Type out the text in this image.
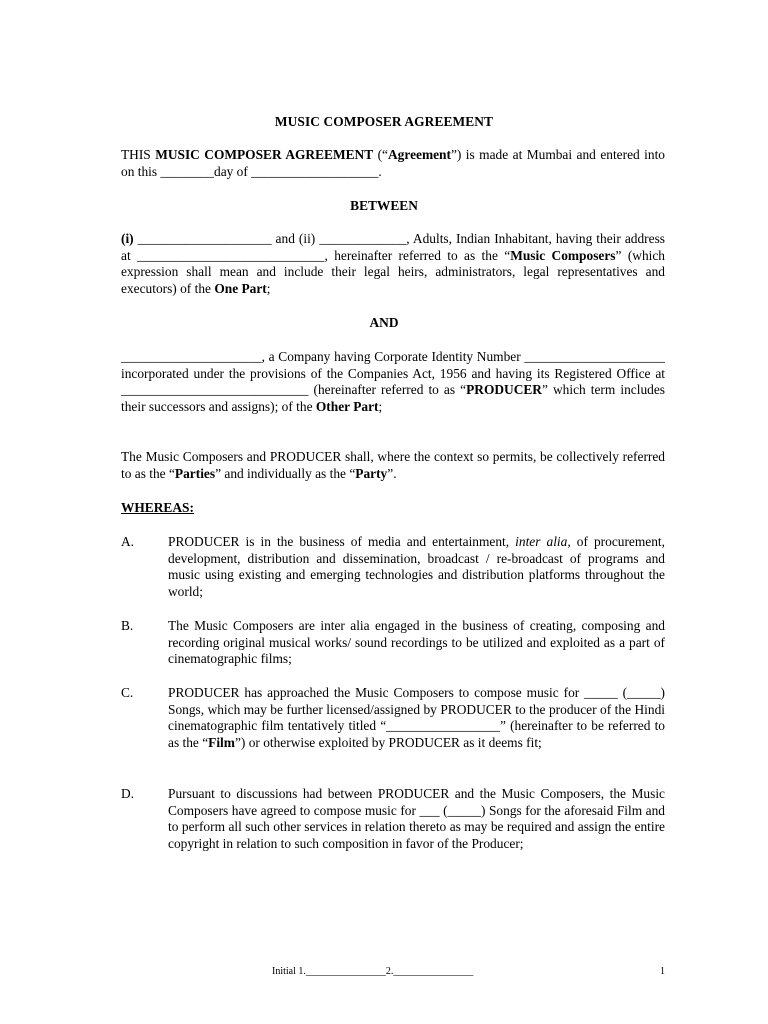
MUSIC COMPOSER AGREEMENT
THIS MUSIC COMPOSER AGREEMENT (“Agreement”) is made at Mumbai and entered into on this ________day of ___________________.
BETWEEN
(i) ____________________ and (ii) _____________, Adults, Indian Inhabitant, having their address at ____________________________, hereinafter referred to as the “Music Composers” (which expression shall mean and include their legal heirs, administrators, legal representatives and executors) of the One Part;
AND
_____________________, a Company having Corporate Identity Number _____________________ incorporated under the provisions of the Companies Act, 1956 and having its Registered Office at ____________________________ (hereinafter referred to as “PRODUCER” which term includes their successors and assigns); of the Other Part;
The Music Composers and PRODUCER shall, where the context so permits, be collectively referred to as the “Parties” and individually as the “Party”.
WHEREAS:
A.	PRODUCER is in the business of media and entertainment, inter alia, of procurement, development, distribution and dissemination, broadcast / re-broadcast of programs and music using existing and emerging technologies and distribution platforms throughout the world;
B.	The Music Composers are inter alia engaged in the business of creating, composing and recording original musical works/ sound recordings to be utilized and exploited as a part of cinematographic films;
C.	PRODUCER has approached the Music Composers to compose music for _____ (_____) Songs, which may be further licensed/assigned by PRODUCER to the producer of the Hindi cinematographic film tentatively titled “_________________” (hereinafter to be referred to as the “Film”) or otherwise exploited by PRODUCER as it deems fit;
D.	Pursuant to discussions had between PRODUCER and the Music Composers, the Music Composers have agreed to compose music for ___ (_____) Songs for the aforesaid Film and to perform all such other services in relation thereto as may be required and assign the entire copyright in relation to such composition in favor of the Producer;
Initial 1.________________2.________________	1
